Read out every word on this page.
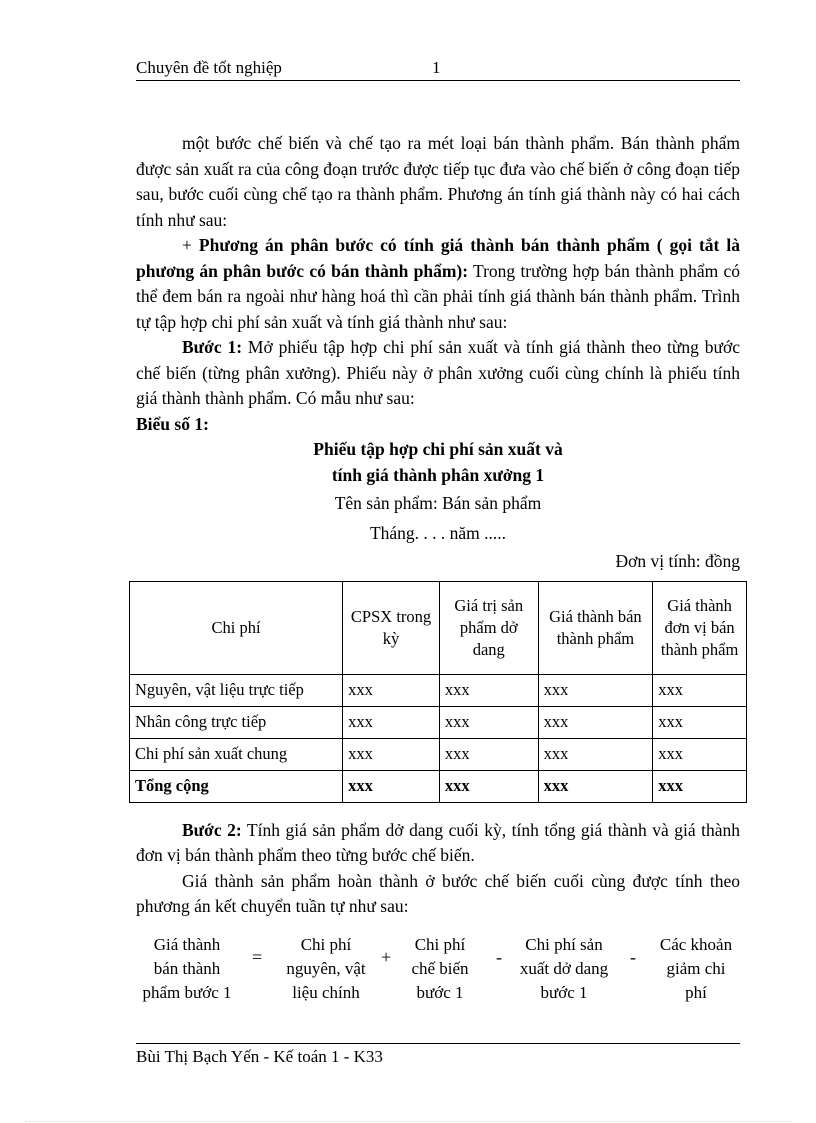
Chuyên đề tốt nghiệp	1

một bước chế biến và chế tạo ra mét loại bán thành phẩm. Bán thành phẩm được sản xuất ra của công đoạn trước được tiếp tục đưa vào chế biến ở công đoạn tiếp sau, bước cuối cùng chế tạo ra thành phẩm. Phương án tính giá thành này có hai cách tính như sau:

+ Phương án phân bước có tính giá thành bán thành phẩm ( gọi tắt là phương án phân bước có bán thành phẩm): Trong trường hợp bán thành phẩm có thể đem bán ra ngoài như hàng hoá thì cần phải tính giá thành bán thành phẩm. Trình tự tập hợp chi phí sản xuất và tính giá thành như sau:

Bước 1: Mở phiếu tập hợp chi phí sản xuất và tính giá thành theo từng bước chế biến (từng phân xưởng). Phiếu này ở phân xưởng cuối cùng chính là phiếu tính giá thành thành phẩm. Có mẫu như sau:

Biểu số 1:

Phiếu tập hợp chi phí sản xuất và

tính giá thành phân xưởng 1

Tên sản phẩm: Bán sản phẩm

Tháng. . . . năm .....

Đơn vị tính: đồng

Chi phí	CPSX trong kỳ	Giá trị sản phẩm dở dang	Giá thành bán thành phẩm	Giá thành đơn vị bán thành phẩm
Nguyên, vật liệu trực tiếp	xxx	xxx	xxx	xxx
Nhân công trực tiếp	xxx	xxx	xxx	xxx
Chi phí sản xuất chung	xxx	xxx	xxx	xxx
Tổng cộng	xxx	xxx	xxx	xxx

Bước 2: Tính giá sản phẩm dở dang cuối kỳ, tính tổng giá thành và giá thành đơn vị bán thành phẩm theo từng bước chế biến.

Giá thành sản phẩm hoàn thành ở bước chế biến cuối cùng được tính theo phương án kết chuyển tuần tự như sau:

Giá thành
bán thành
phẩm bước 1
=
Chi phí
nguyên, vật
liệu chính
+
Chi phí
chế biến
bước 1
-
Chi phí sản
xuất dở dang
bước 1
-
Các khoản
giảm chi
phí
Bùi Thị Bạch Yến - Kế toán 1 - K33
